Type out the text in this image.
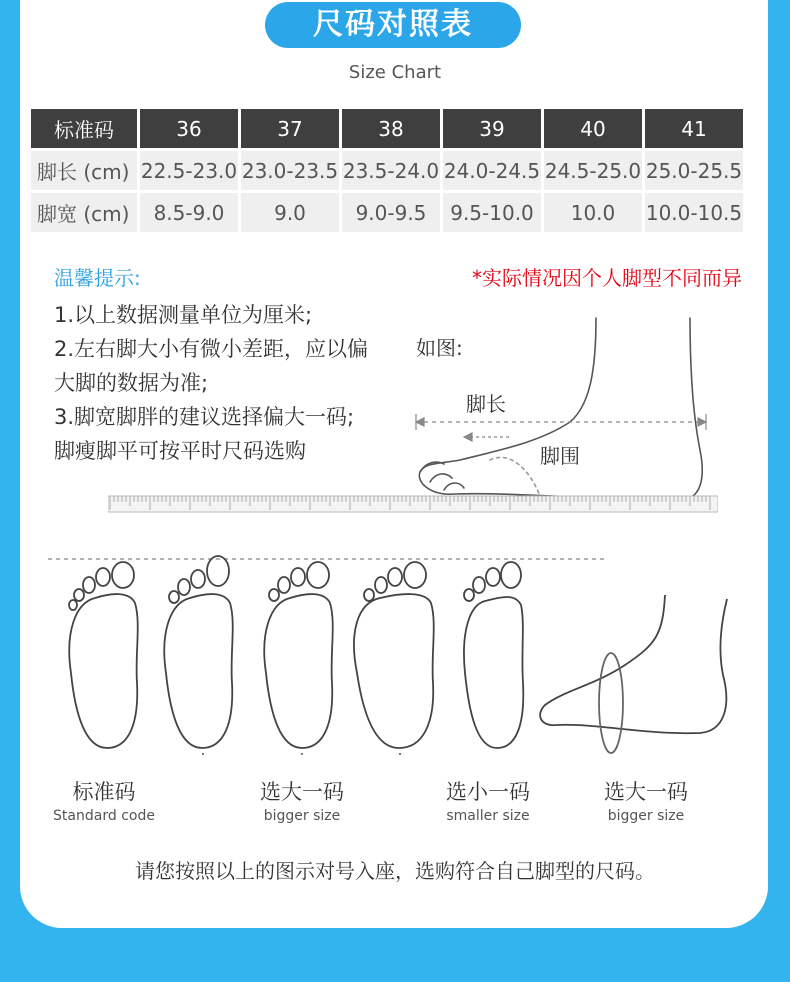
尺码对照表
Size Chart
标准码	36	37	38	39	40	41
脚长 (cm)	22.5-23.0	23.0-23.5	23.5-24.0	24.0-24.5	24.5-25.0	25.0-25.5
脚宽 (cm)	8.5-9.0	9.0	9.0-9.5	9.5-10.0	10.0	10.0-10.5
温馨提示:	*实际情况因个人脚型不同而异
1.以上数据测量单位为厘米;
2.左右脚大小有微小差距，应以偏
大脚的数据为准;
3.脚宽脚胖的建议选择偏大一码;
脚瘦脚平可按平时尺码选购
如图:
脚长
脚围
标准码
Standard code
选大一码
bigger size
选小一码
smaller size
选大一码
bigger size
请您按照以上的图示对号入座，选购符合自己脚型的尺码。
